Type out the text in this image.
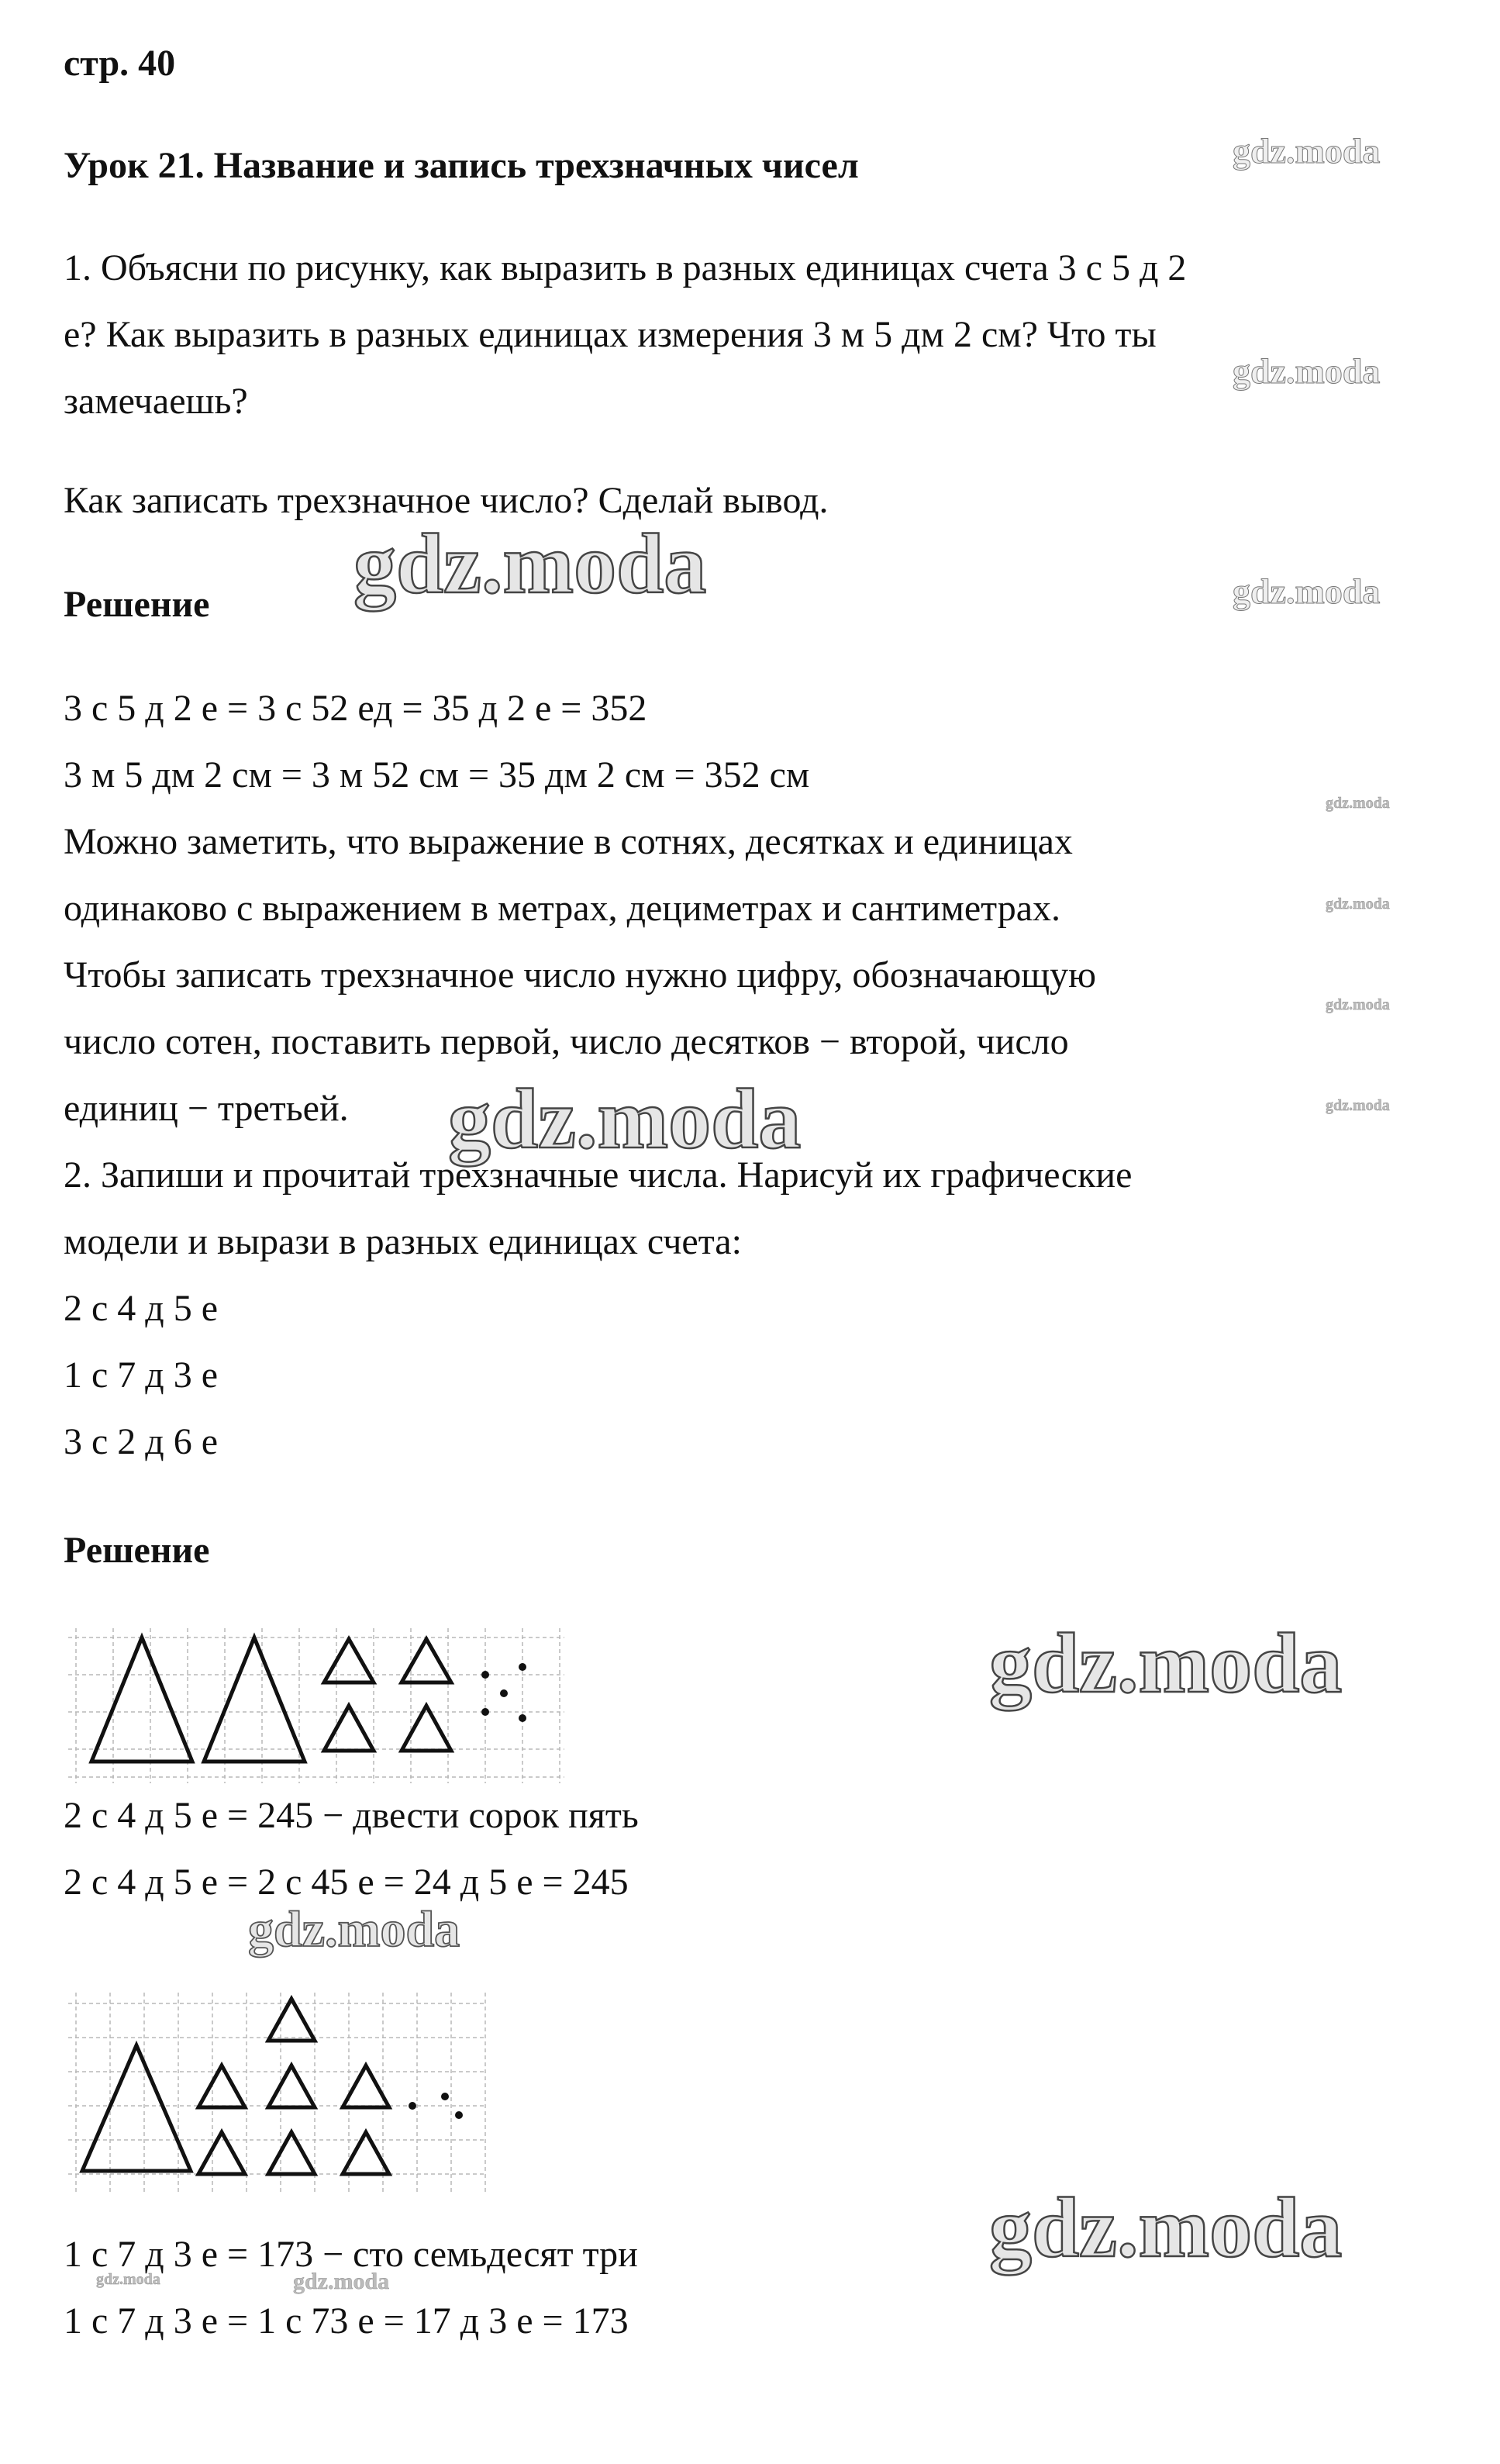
стр. 40
Урок 21. Название и запись трехзначных чисел
1. Объясни по рисунку, как выразить в разных единицах счета 3 с 5 д 2
е? Как выразить в разных единицах измерения 3 м 5 дм 2 см? Что ты
замечаешь?
Как записать трехзначное число? Сделай вывод.
Решение
3 с 5 д 2 е = 3 с 52 ед = 35 д 2 е = 352
3 м 5 дм 2 см = 3 м 52 см = 35 дм 2 см = 352 см
Можно заметить, что выражение в сотнях, десятках и единицах
одинаково с выражением в метрах, дециметрах и сантиметрах.
Чтобы записать трехзначное число нужно цифру, обозначающую
число сотен, поставить первой, число десятков − второй, число
единиц − третьей.
2. Запиши и прочитай трехзначные числа. Нарисуй их графические
модели и вырази в разных единицах счета:
2 с 4 д 5 е
1 с 7 д 3 е
3 с 2 д 6 е
Решение
2 с 4 д 5 е = 245 − двести сорок пять
2 с 4 д 5 е = 2 с 45 е = 24 д 5 е = 245
1 с 7 д 3 е = 173 − сто семьдесят три
1 с 7 д 3 е = 1 с 73 е = 17 д 3 е = 173
gdz.moda
gdz.moda
gdz.moda	gdz.moda
gdz.moda
gdz.moda
gdz.moda
gdz.moda	gdz.moda
gdz.moda
gdz.moda
gdz.moda
gdz.moda	gdz.moda
